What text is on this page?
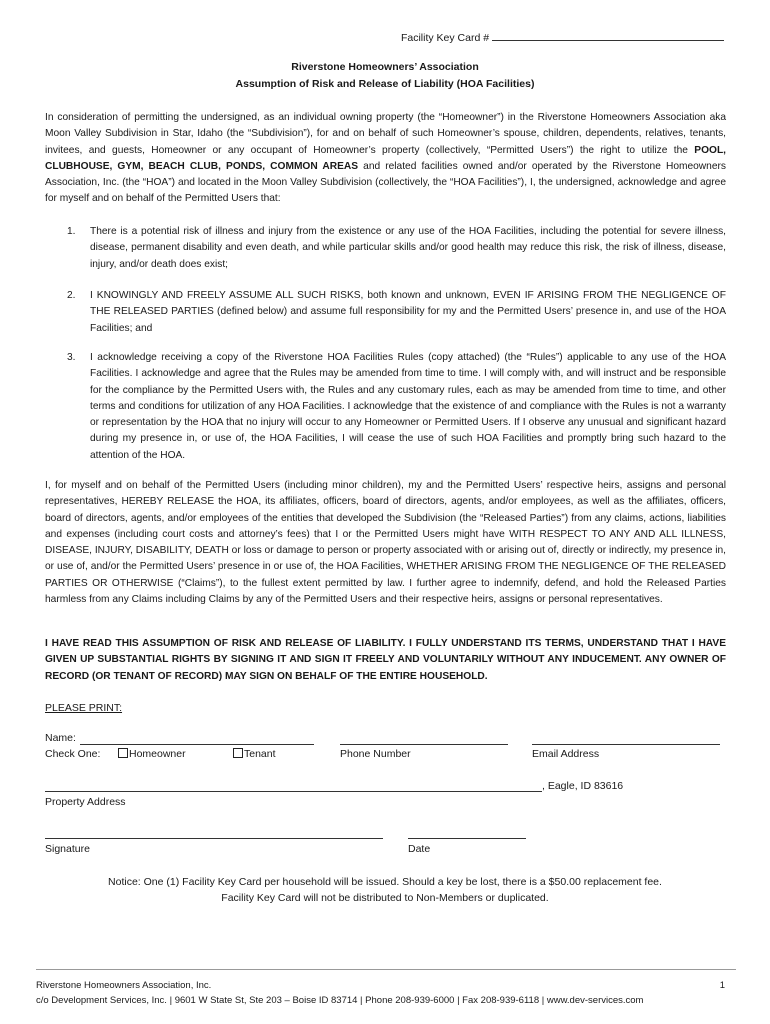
Facility Key Card #
Riverstone Homeowners’ Association
Assumption of Risk and Release of Liability (HOA Facilities)

In consideration of permitting the undersigned, as an individual owning property (the “Homeowner”) in the Riverstone Homeowners Association aka Moon Valley Subdivision in Star, Idaho (the “Subdivision”), for and on behalf of such Homeowner’s spouse, children, dependents, relatives, tenants, invitees, and guests, Homeowner or any occupant of Homeowner’s property (collectively, “Permitted Users”) the right to utilize the POOL, CLUBHOUSE, GYM, BEACH CLUB, PONDS, COMMON AREAS and related facilities owned and/or operated by the Riverstone Homeowners Association, Inc. (the “HOA”) and located in the Moon Valley Subdivision (collectively, the “HOA Facilities”), I, the undersigned, acknowledge and agree for myself and on behalf of the Permitted Users that:

1. There is a potential risk of illness and injury from the existence or any use of the HOA Facilities, including the potential for severe illness, disease, permanent disability and even death, and while particular skills and/or good health may reduce this risk, the risk of illness, disease, injury, and/or death does exist;
2. I KNOWINGLY AND FREELY ASSUME ALL SUCH RISKS, both known and unknown, EVEN IF ARISING FROM THE NEGLIGENCE OF THE RELEASED PARTIES (defined below) and assume full responsibility for my and the Permitted Users’ presence in, and use of the HOA Facilities; and
3. I acknowledge receiving a copy of the Riverstone HOA Facilities Rules (copy attached) (the “Rules”) applicable to any use of the HOA Facilities. I acknowledge and agree that the Rules may be amended from time to time. I will comply with, and will instruct and be responsible for the compliance by the Permitted Users with, the Rules and any customary rules, each as may be amended from time to time, and other terms and conditions for utilization of any HOA Facilities. I acknowledge that the existence of and compliance with the Rules is not a warranty or representation by the HOA that no injury will occur to any Homeowner or Permitted Users. If I observe any unusual and significant hazard during my presence in, or use of, the HOA Facilities, I will cease the use of such HOA Facilities and promptly bring such hazard to the attention of the HOA.

I, for myself and on behalf of the Permitted Users (including minor children), my and the Permitted Users’ respective heirs, assigns and personal representatives, HEREBY RELEASE the HOA, its affiliates, officers, board of directors, agents, and/or employees, as well as the affiliates, officers, board of directors, agents, and/or employees of the entities that developed the Subdivision (the “Released Parties”) from any claims, actions, liabilities and expenses (including court costs and attorney’s fees) that I or the Permitted Users might have WITH RESPECT TO ANY AND ALL ILLNESS, DISEASE, INJURY, DISABILITY, DEATH or loss or damage to person or property associated with or arising out of, directly or indirectly, my presence in, or use of, and/or the Permitted Users’ presence in or use of, the HOA Facilities, WHETHER ARISING FROM THE NEGLIGENCE OF THE RELEASED PARTIES OR OTHERWISE (“Claims”), to the fullest extent permitted by law. I further agree to indemnify, defend, and hold the Released Parties harmless from any Claims including Claims by any of the Permitted Users and their respective heirs, assigns or personal representatives.

I HAVE READ THIS ASSUMPTION OF RISK AND RELEASE OF LIABILITY. I FULLY UNDERSTAND ITS TERMS, UNDERSTAND THAT I HAVE GIVEN UP SUBSTANTIAL RIGHTS BY SIGNING IT AND SIGN IT FREELY AND VOLUNTARILY WITHOUT ANY INDUCEMENT. ANY OWNER OF RECORD (OR TENANT OF RECORD) MAY SIGN ON BEHALF OF THE ENTIRE HOUSEHOLD.

PLEASE PRINT:
Name:
Check One:	Homeowner	Tenant	Phone Number	Email Address
, Eagle, ID 83616
Property Address
Signature	Date
Notice: One (1) Facility Key Card per household will be issued. Should a key be lost, there is a $50.00 replacement fee.
Facility Key Card will not be distributed to Non-Members or duplicated.
Riverstone Homeowners Association, Inc.	1
c/o Development Services, Inc. | 9601 W State St, Ste 203 – Boise ID 83714 | Phone 208-939-6000 | Fax 208-939-6118 | www.dev-services.com
